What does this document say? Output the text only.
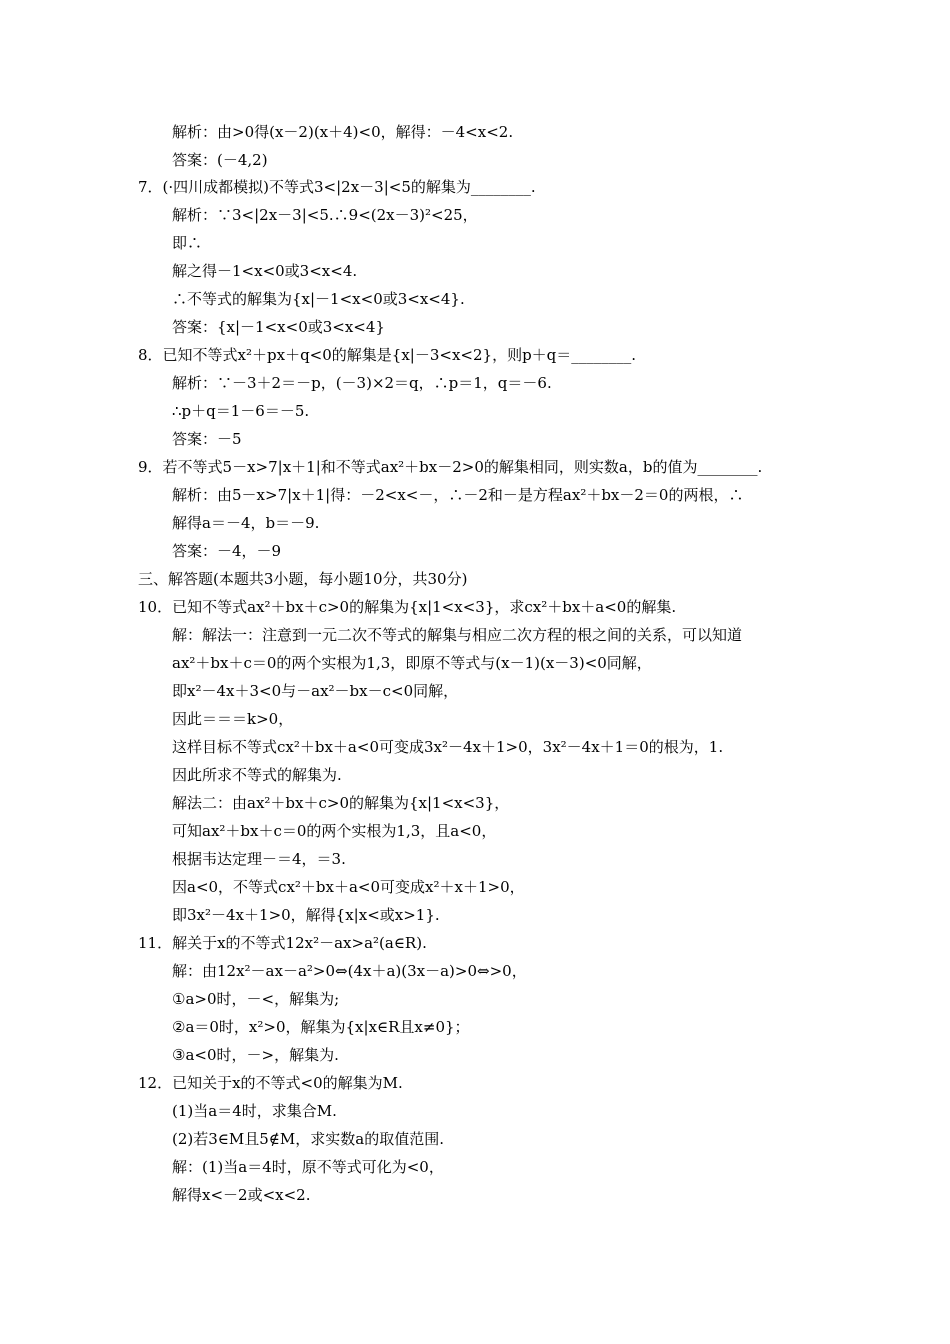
解析：由>0得(x－2)(x＋4)<0，解得：－4<x<2.
答案：(－4,2)
7．(·四川成都模拟)不等式3<|2x－3|<5的解集为________.
解析：∵3<|2x－3|<5.∴9<(2x－3)²<25，
即∴
解之得－1<x<0或3<x<4.
∴不等式的解集为{x|－1<x<0或3<x<4}.
答案：{x|－1<x<0或3<x<4}
8．已知不等式x²＋px＋q<0的解集是{x|－3<x<2}，则p＋q＝________.
解析：∵－3＋2＝－p，(－3)×2＝q，∴p＝1，q＝－6.
∴p＋q＝1－6＝－5.
答案：－5
9．若不等式5－x>7|x＋1|和不等式ax²＋bx－2>0的解集相同，则实数a，b的值为________.
解析：由5－x>7|x＋1|得：－2<x<－，∴－2和－是方程ax²＋bx－2＝0的两根，∴
解得a＝－4，b＝－9.
答案：－4，－9
三、解答题(本题共3小题，每小题10分，共30分)
10．已知不等式ax²＋bx＋c>0的解集为{x|1<x<3}，求cx²＋bx＋a<0的解集.
解：解法一：注意到一元二次不等式的解集与相应二次方程的根之间的关系，可以知道
ax²＋bx＋c＝0的两个实根为1,3，即原不等式与(x－1)(x－3)<0同解，
即x²－4x＋3<0与－ax²－bx－c<0同解，
因此＝＝＝k>0，
这样目标不等式cx²＋bx＋a<0可变成3x²－4x＋1>0，3x²－4x＋1＝0的根为，1.
因此所求不等式的解集为.
解法二：由ax²＋bx＋c>0的解集为{x|1<x<3}，
可知ax²＋bx＋c＝0的两个实根为1,3，且a<0，
根据韦达定理－＝4，＝3.
因a<0，不等式cx²＋bx＋a<0可变成x²＋x＋1>0，
即3x²－4x＋1>0，解得{x|x<或x>1}.
11．解关于x的不等式12x²－ax>a²(a∈R).
解：由12x²－ax－a²>0⇔(4x＋a)(3x－a)>0⇔>0，
①a>0时，－<，解集为;
②a＝0时，x²>0，解集为{x|x∈R且x≠0}；
③a<0时，－>，解集为.
12．已知关于x的不等式<0的解集为M.
(1)当a＝4时，求集合M.
(2)若3∈M且5∉M，求实数a的取值范围.
解：(1)当a＝4时，原不等式可化为<0，
解得x<－2或<x<2.
